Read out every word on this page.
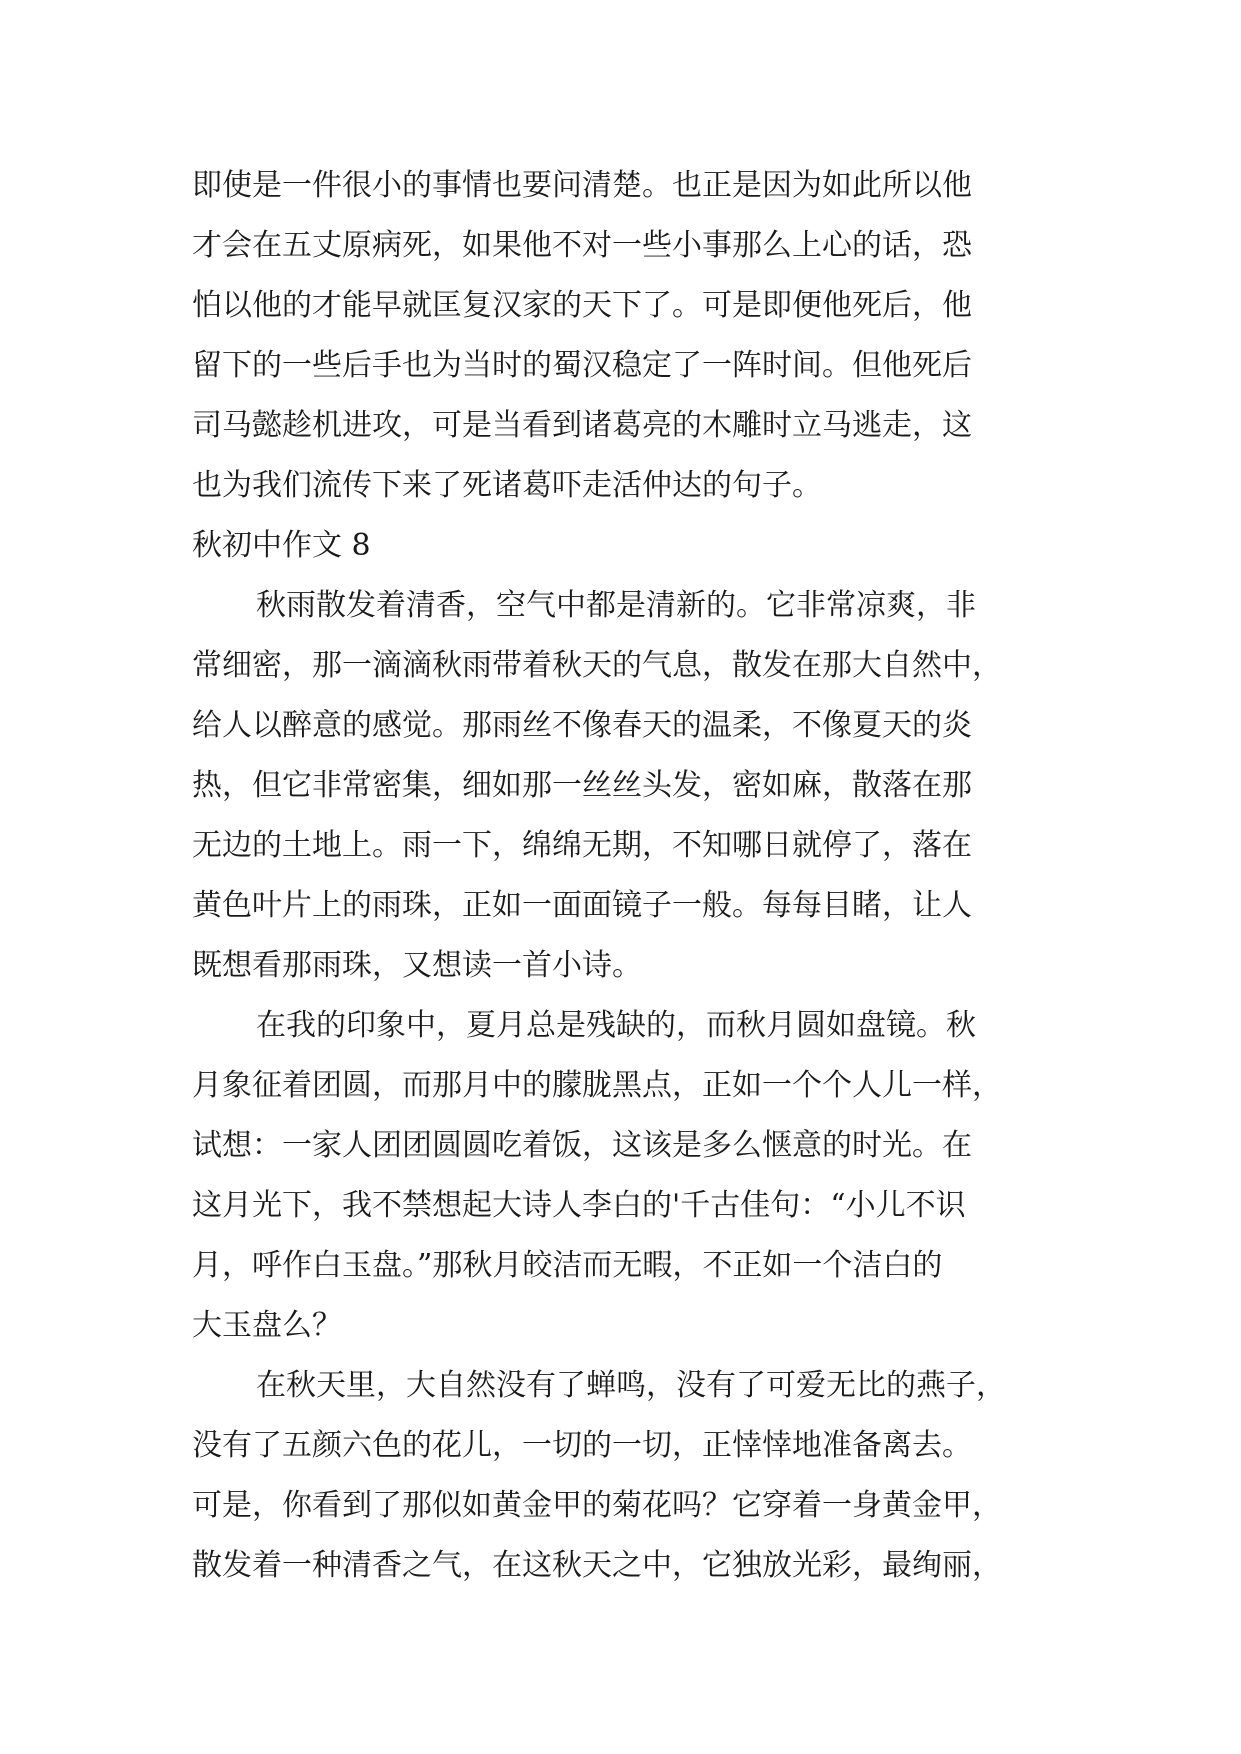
即使是一件很小的事情也要问清楚。也正是因为如此所以他
才会在五丈原病死，如果他不对一些小事那么上心的话，恐
怕以他的才能早就匡复汉家的天下了。可是即便他死后，他
留下的一些后手也为当时的蜀汉稳定了一阵时间。但他死后
司马懿趁机进攻，可是当看到诸葛亮的木雕时立马逃走，这
也为我们流传下来了死诸葛吓走活仲达的句子。
秋初中作文 8
秋雨散发着清香，空气中都是清新的。它非常凉爽，非
常细密，那一滴滴秋雨带着秋天的气息，散发在那大自然中，
给人以醉意的感觉。那雨丝不像春天的温柔，不像夏天的炎
热，但它非常密集，细如那一丝丝头发，密如麻，散落在那
无边的土地上。雨一下，绵绵无期，不知哪日就停了，落在
黄色叶片上的雨珠，正如一面面镜子一般。每每目睹，让人
既想看那雨珠，又想读一首小诗。
在我的印象中，夏月总是残缺的，而秋月圆如盘镜。秋
月象征着团圆，而那月中的朦胧黑点，正如一个个人儿一样，
试想：一家人团团圆圆吃着饭，这该是多么惬意的时光。在
这月光下，我不禁想起大诗人李白的'千古佳句：“小儿不识
月，呼作白玉盘。”那秋月皎洁而无暇，不正如一个洁白的
大玉盘么？
在秋天里，大自然没有了蝉鸣，没有了可爱无比的燕子，
没有了五颜六色的花儿，一切的一切，正悻悻地准备离去。
可是，你看到了那似如黄金甲的菊花吗？它穿着一身黄金甲，
散发着一种清香之气，在这秋天之中，它独放光彩，最绚丽，
